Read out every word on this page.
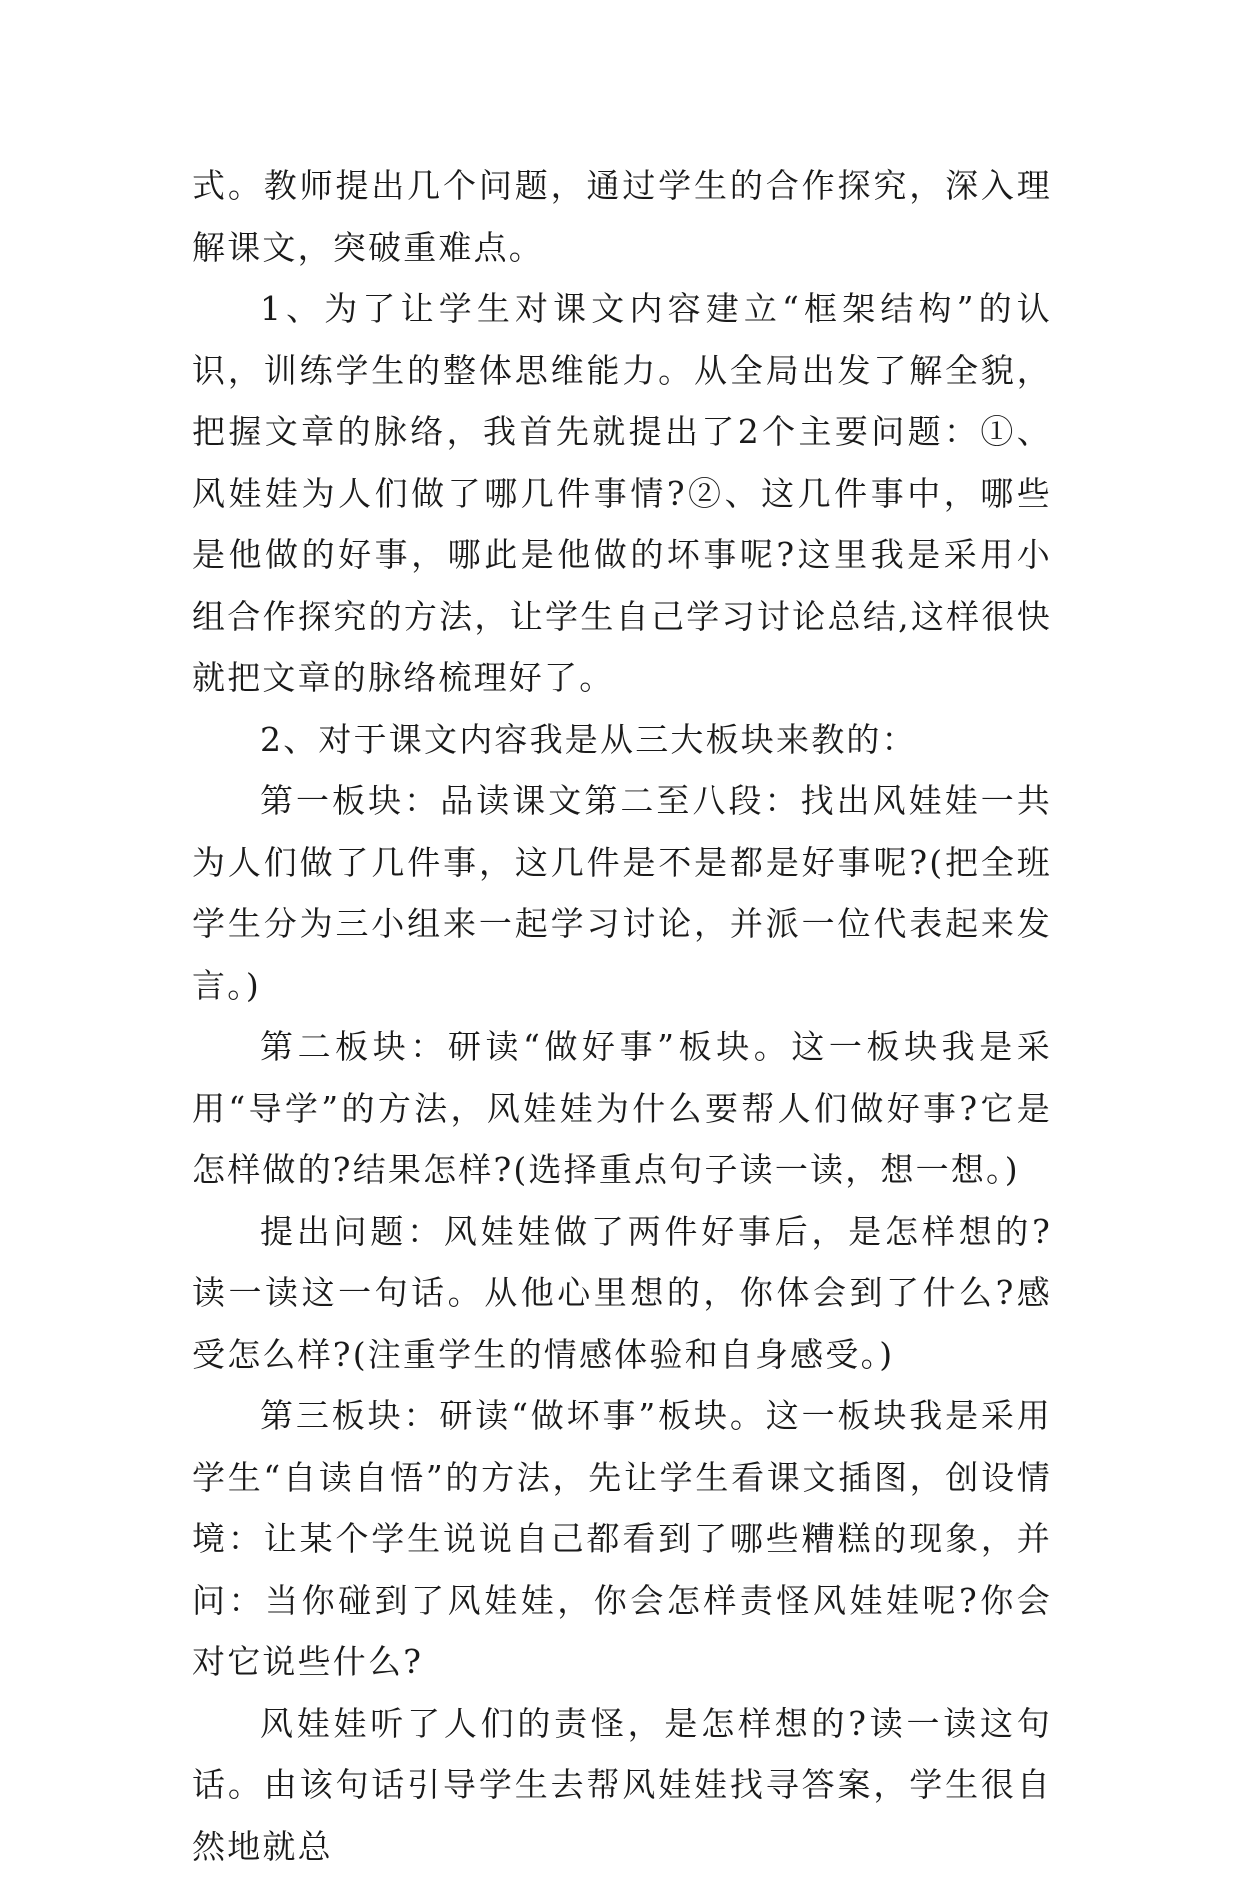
式。教师提出几个问题，通过学生的合作探究，深入理解课文，突破重难点。

1、为了让学生对课文内容建立“框架结构”的认识，训练学生的整体思维能力。从全局出发了解全貌，把握文章的脉络，我首先就提出了2个主要问题：①、风娃娃为人们做了哪几件事情?②、这几件事中，哪些是他做的好事，哪此是他做的坏事呢?这里我是采用小组合作探究的方法，让学生自己学习讨论总结,这样很快就把文章的脉络梳理好了。

2、对于课文内容我是从三大板块来教的：

第一板块：品读课文第二至八段：找出风娃娃一共为人们做了几件事，这几件是不是都是好事呢?(把全班学生分为三小组来一起学习讨论，并派一位代表起来发言。)

第二板块：研读“做好事”板块。这一板块我是采用“导学”的方法，风娃娃为什么要帮人们做好事?它是怎样做的?结果怎样?(选择重点句子读一读，想一想。)

提出问题：风娃娃做了两件好事后，是怎样想的?读一读这一句话。从他心里想的，你体会到了什么?感受怎么样?(注重学生的情感体验和自身感受。)

第三板块：研读“做坏事”板块。这一板块我是采用学生“自读自悟”的方法，先让学生看课文插图，创设情境：让某个学生说说自己都看到了哪些糟糕的现象，并问：当你碰到了风娃娃，你会怎样责怪风娃娃呢?你会对它说些什么?

风娃娃听了人们的责怪，是怎样想的?读一读这句话。由该句话引导学生去帮风娃娃找寻答案，学生很自然地就总
